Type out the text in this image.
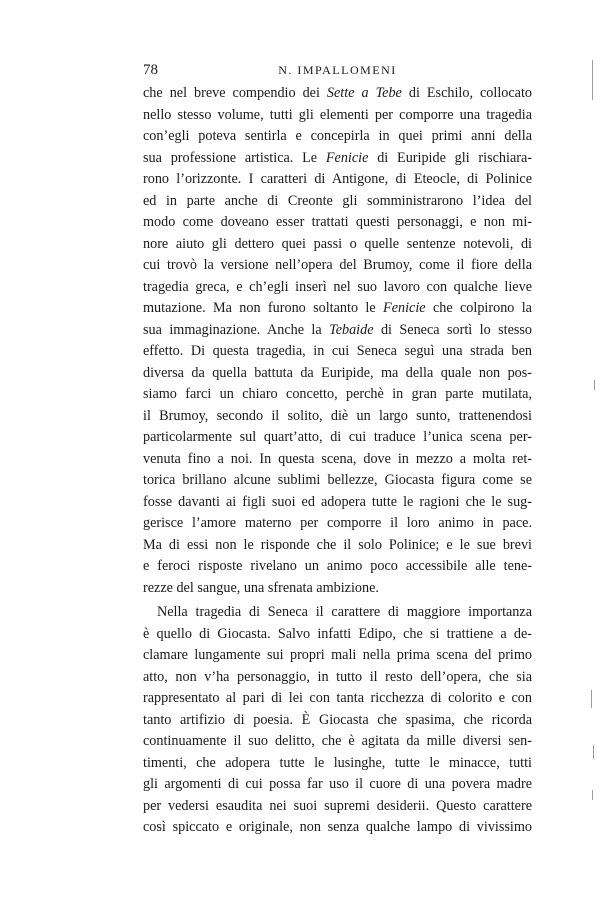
78	N. IMPALLOMENI
che nel breve compendio dei Sette a Tebe di Eschilo, collocato
nello stesso volume, tutti gli elementi per comporre una tragedia
con’egli poteva sentirla e concepirla in quei primi anni della
sua professione artistica. Le Fenicie di Euripide gli rischiara-
rono l’orizzonte. I caratteri di Antigone, di Eteocle, di Polinice
ed in parte anche di Creonte gli somministrarono l’idea del
modo come doveano esser trattati questi personaggi, e non mi-
nore aiuto gli dettero quei passi o quelle sentenze notevoli, di
cui trovò la versione nell’opera del Brumoy, come il fiore della
tragedia greca, e ch’egli inserì nel suo lavoro con qualche lieve
mutazione. Ma non furono soltanto le Fenicie che colpirono la
sua immaginazione. Anche la Tebaide di Seneca sortì lo stesso
effetto. Di questa tragedia, in cui Seneca seguì una strada ben
diversa da quella battuta da Euripide, ma della quale non pos-
siamo farci un chiaro concetto, perchè in gran parte mutilata,
il Brumoy, secondo il solito, diè un largo sunto, trattenendosi
particolarmente sul quart’atto, di cui traduce l’unica scena per-
venuta fino a noi. In questa scena, dove in mezzo a molta ret-
torica brillano alcune sublimi bellezze, Giocasta figura come se
fosse davanti ai figli suoi ed adopera tutte le ragioni che le sug-
gerisce l’amore materno per comporre il loro animo in pace.
Ma di essi non le risponde che il solo Polinice; e le sue brevi
e feroci risposte rivelano un animo poco accessibile alle tene-
rezze del sangue, una sfrenata ambizione.
Nella tragedia di Seneca il carattere di maggiore importanza
è quello di Giocasta. Salvo infatti Edipo, che si trattiene a de-
clamare lungamente sui propri mali nella prima scena del primo
atto, non v’ha personaggio, in tutto il resto dell’opera, che sia
rappresentato al pari di lei con tanta ricchezza di colorito e con
tanto artifizio di poesia. È Giocasta che spasima, che ricorda
continuamente il suo delitto, che è agitata da mille diversi sen-
timenti, che adopera tutte le lusinghe, tutte le minacce, tutti
gli argomenti di cui possa far uso il cuore di una povera madre
per vedersi esaudita nei suoi supremi desiderii. Questo carattere
così spiccato e originale, non senza qualche lampo di vivissimo
